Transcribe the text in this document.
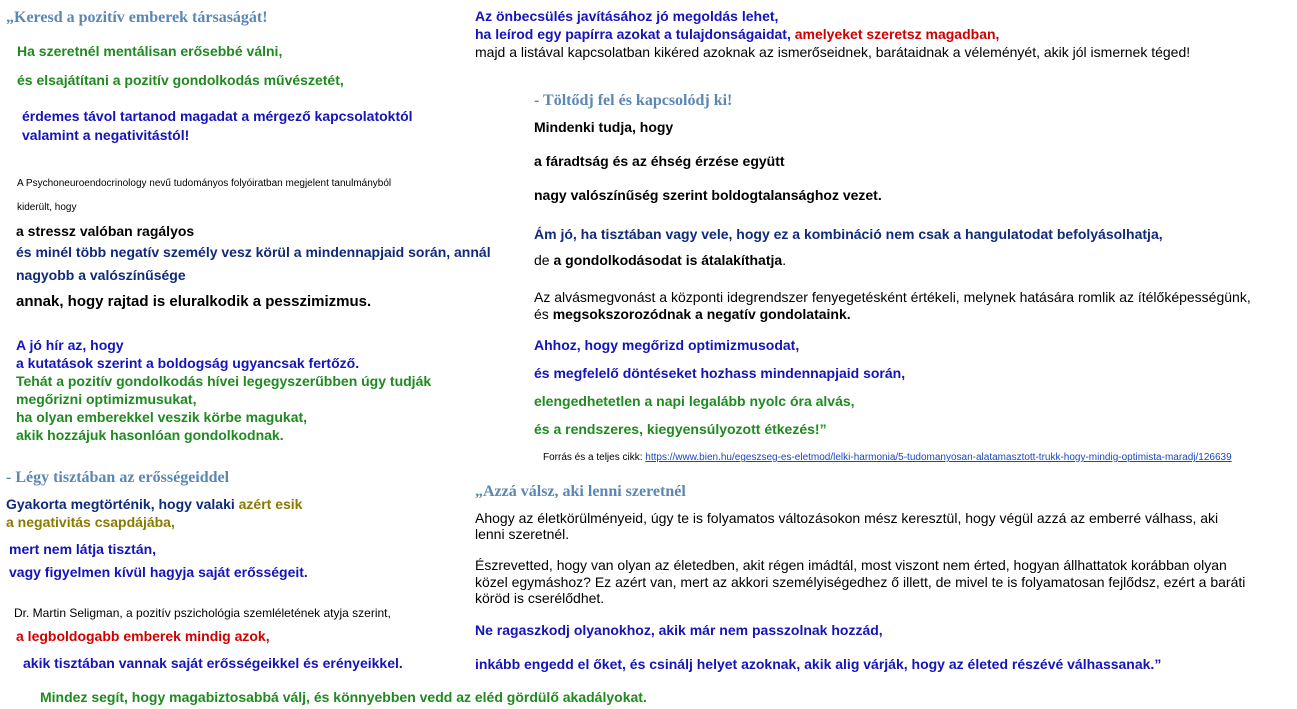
„Keresd a pozitív emberek társaságát!
Ha szeretnél mentálisan erősebbé válni,
és elsajátítani a pozitív gondolkodás művészetét,
érdemes távol tartanod magadat a mérgező kapcsolatoktól
valamint a negativitástól!
A Psychoneuroendocrinology nevű tudományos folyóiratban megjelent tanulmányból
kiderült, hogy
a stressz valóban ragályos
és minél több negatív személy vesz körül a mindennapjaid során, annál
nagyobb a valószínűsége
annak, hogy rajtad is eluralkodik a pesszimizmus.
A jó hír az, hogy
a kutatások szerint a boldogság ugyancsak fertőző.
Tehát a pozitív gondolkodás hívei legegyszerűbben úgy tudják
megőrizni optimizmusukat,
ha olyan emberekkel veszik körbe magukat,
akik hozzájuk hasonlóan gondolkodnak.
- Légy tisztában az erősségeiddel
Gyakorta megtörténik, hogy valaki azért esik
a negativitás csapdájába,
mert nem látja tisztán,
vagy figyelmen kívül hagyja saját erősségeit.
Dr. Martin Seligman, a pozitív pszichológia szemléletének atyja szerint,
a legboldogabb emberek mindig azok,
akik tisztában vannak saját erősségeikkel és erényeikkel.
Mindez segít, hogy magabiztosabbá válj, és könnyebben vedd az eléd gördülő akadályokat.
Az önbecsülés javításához jó megoldás lehet,
ha leírod egy papírra azokat a tulajdonságaidat, amelyeket szeretsz magadban,
majd a listával kapcsolatban kikéred azoknak az ismerőseidnek, barátaidnak a véleményét, akik jól ismernek téged!
- Töltődj fel és kapcsolódj ki!
Mindenki tudja, hogy
a fáradtság és az éhség érzése együtt
nagy valószínűség szerint boldogtalansághoz vezet.
Ám jó, ha tisztában vagy vele, hogy ez a kombináció nem csak a hangulatodat befolyásolhatja,
de a gondolkodásodat is átalakíthatja.
Az alvásmegvonást a központi idegrendszer fenyegetésként értékeli, melynek hatására romlik az ítélőképességünk,
és megsokszorozódnak a negatív gondolataink.
Ahhoz, hogy megőrizd optimizmusodat,
és megfelelő döntéseket hozhass mindennapjaid során,
elengedhetetlen a napi legalább nyolc óra alvás,
és a rendszeres, kiegyensúlyozott étkezés!”
Forrás és a teljes cikk: https://www.bien.hu/egeszseg-es-eletmod/lelki-harmonia/5-tudomanyosan-alatamasztott-trukk-hogy-mindig-optimista-maradj/126639
„Azzá válsz, aki lenni szeretnél
Ahogy az életkörülményeid, úgy te is folyamatos változásokon mész keresztül, hogy végül azzá az emberré válhass, aki
lenni szeretnél.
Észrevetted, hogy van olyan az életedben, akit régen imádtál, most viszont nem érted, hogyan állhattatok korábban olyan
közel egymáshoz? Ez azért van, mert az akkori személyiségedhez ő illett, de mivel te is folyamatosan fejlődsz, ezért a baráti
köröd is cserélődhet.
Ne ragaszkodj olyanokhoz, akik már nem passzolnak hozzád,
inkább engedd el őket, és csinálj helyet azoknak, akik alig várják, hogy az életed részévé válhassanak.”
